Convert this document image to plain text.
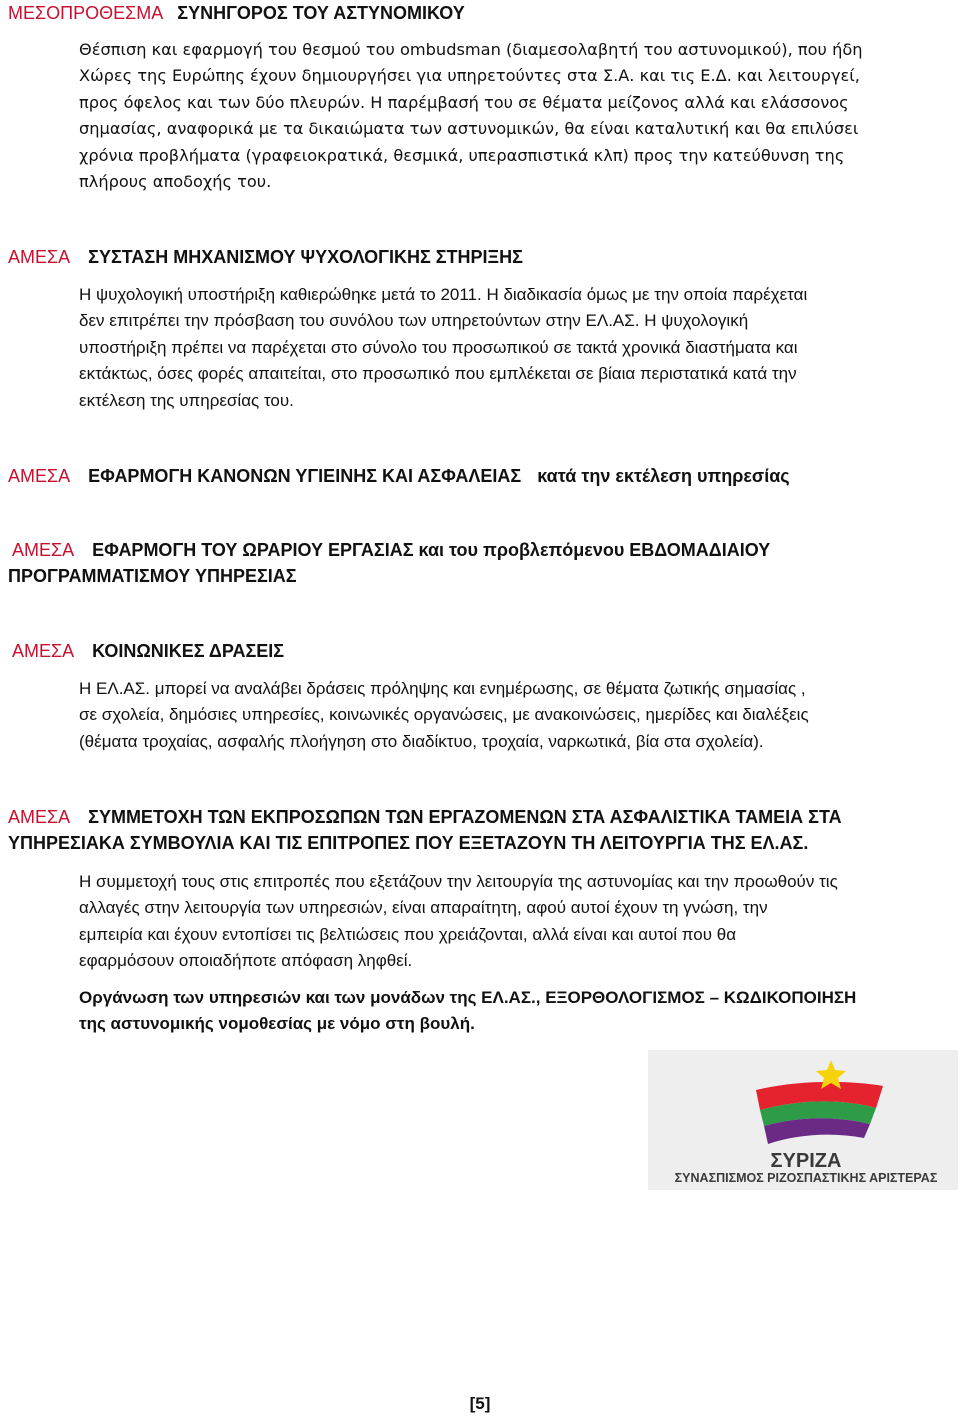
ΜΕΣΟΠΡΟΘΕΣΜΑ ΣΥΝΗΓΟΡΟΣ ΤΟΥ ΑΣΤΥΝΟΜΙΚΟΥ
Θέσπιση και εφαρμογή του θεσμού του ombudsman (διαμεσολαβητή του αστυνομικού), που ήδη
Χώρες της Ευρώπης έχουν δημιουργήσει για υπηρετούντες στα Σ.Α. και τις Ε.Δ. και λειτουργεί,
προς όφελος και των δύο πλευρών. Η παρέμβασή του σε θέματα μείζονος αλλά και ελάσσονος
σημασίας, αναφορικά με τα δικαιώματα των αστυνομικών, θα είναι καταλυτική και θα επιλύσει
χρόνια προβλήματα (γραφειοκρατικά, θεσμικά, υπερασπιστικά κλπ) προς την κατεύθυνση της
πλήρους αποδοχής του.
ΑΜΕΣΑ ΣΥΣΤΑΣΗ ΜΗΧΑΝΙΣΜΟΥ ΨΥΧΟΛΟΓΙΚΗΣ ΣΤΗΡΙΞΗΣ
Η ψυχολογική υποστήριξη καθιερώθηκε μετά το 2011. Η διαδικασία όμως με την οποία παρέχεται
δεν επιτρέπει την πρόσβαση του συνόλου των υπηρετούντων στην ΕΛ.ΑΣ. Η ψυχολογική
υποστήριξη πρέπει να παρέχεται στο σύνολο του προσωπικού σε τακτά χρονικά διαστήματα και
εκτάκτως, όσες φορές απαιτείται, στο προσωπικό που εμπλέκεται σε βίαια περιστατικά κατά την
εκτέλεση της υπηρεσίας του.
ΑΜΕΣΑ ΕΦΑΡΜΟΓΗ ΚΑΝΟΝΩΝ ΥΓΙΕΙΝΗΣ ΚΑΙ ΑΣΦΑΛΕΙΑΣ κατά την εκτέλεση υπηρεσίας
ΑΜΕΣΑ ΕΦΑΡΜΟΓΗ ΤΟΥ ΩΡΑΡΙΟΥ ΕΡΓΑΣΙΑΣ και του προβλεπόμενου ΕΒΔΟΜΑΔΙΑΙΟΥ
ΠΡΟΓΡΑΜΜΑΤΙΣΜΟΥ ΥΠΗΡΕΣΙΑΣ
ΑΜΕΣΑ ΚΟΙΝΩΝΙΚΕΣ ΔΡΑΣΕΙΣ
Η ΕΛ.ΑΣ. μπορεί να αναλάβει δράσεις πρόληψης και ενημέρωσης, σε θέματα ζωτικής σημασίας ,
σε σχολεία, δημόσιες υπηρεσίες, κοινωνικές οργανώσεις, με ανακοινώσεις, ημερίδες και διαλέξεις
(θέματα τροχαίας, ασφαλής πλοήγηση στο διαδίκτυο, τροχαία, ναρκωτικά, βία στα σχολεία).
ΑΜΕΣΑ ΣΥΜΜΕΤΟΧΗ ΤΩΝ ΕΚΠΡΟΣΩΠΩΝ ΤΩΝ ΕΡΓΑΖΟΜΕΝΩΝ ΣΤΑ ΑΣΦΑΛΙΣΤΙΚΑ ΤΑΜΕΙΑ ΣΤΑ
ΥΠΗΡΕΣΙΑΚΑ ΣΥΜΒΟΥΛΙΑ ΚΑΙ ΤΙΣ ΕΠΙΤΡΟΠΕΣ ΠΟΥ ΕΞΕΤΑΖΟΥΝ ΤΗ ΛΕΙΤΟΥΡΓΙΑ ΤΗΣ ΕΛ.ΑΣ.
Η συμμετοχή τους στις επιτροπές που εξετάζουν την λειτουργία της αστυνομίας και την προωθούν τις
αλλαγές στην λειτουργία των υπηρεσιών, είναι απαραίτητη, αφού αυτοί έχουν τη γνώση, την
εμπειρία και έχουν εντοπίσει τις βελτιώσεις που χρειάζονται, αλλά είναι και αυτοί που θα
εφαρμόσουν οποιαδήποτε απόφαση ληφθεί.
Οργάνωση των υπηρεσιών και των μονάδων της ΕΛ.ΑΣ., ΕΞΟΡΘΟΛΟΓΙΣΜΟΣ – ΚΩΔΙΚΟΠΟΙΗΣΗ
της αστυνομικής νομοθεσίας με νόμο στη βουλή.
ΣΥΡΙΖΑ
ΣΥΝΑΣΠΙΣΜΟΣ ΡΙΖΟΣΠΑΣΤΙΚΗΣ ΑΡΙΣΤΕΡΑΣ
[5]
